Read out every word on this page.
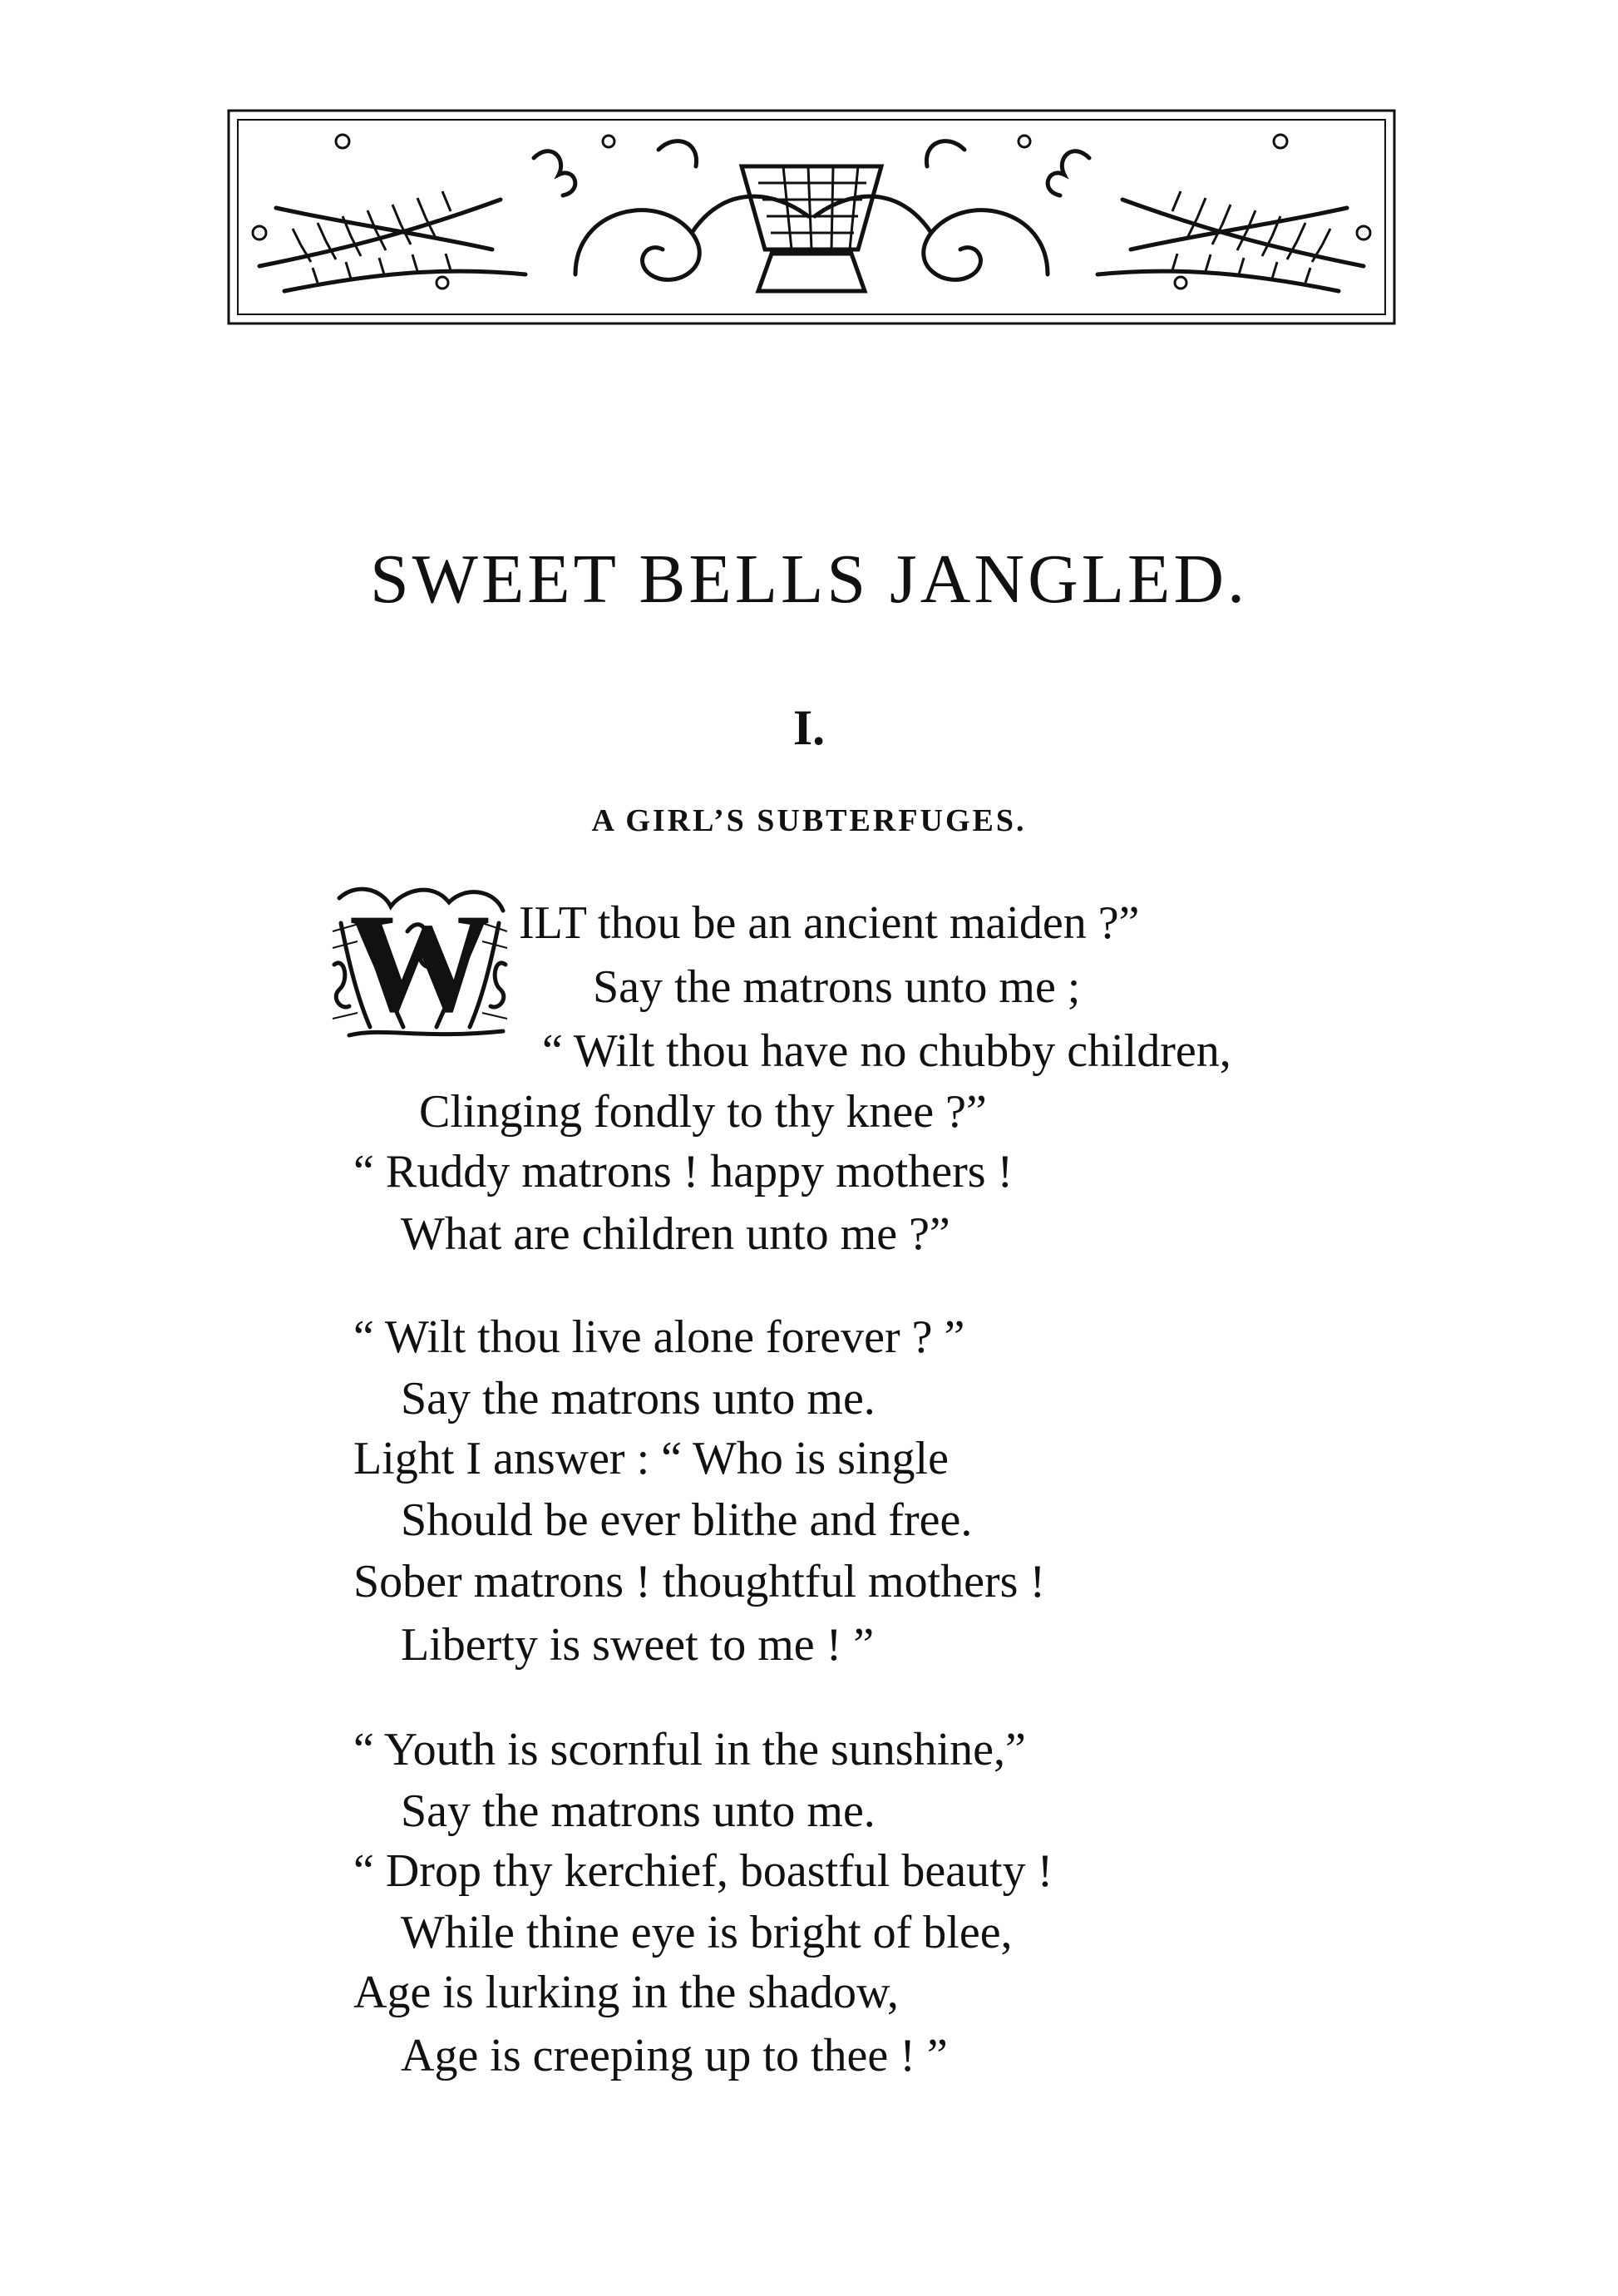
SWEET BELLS JANGLED.
I.
A GIRL’S SUBTERFUGES.
W ILT thou be an ancient maiden ?”
Say the matrons unto me ;
“ Wilt thou have no chubby children,
Clinging fondly to thy knee ?”
“ Ruddy matrons ! happy mothers !
What are children unto me ?”
“ Wilt thou live alone forever ? ”
Say the matrons unto me.
Light I answer : “ Who is single
Should be ever blithe and free.
Sober matrons ! thoughtful mothers !
Liberty is sweet to me ! ”
“ Youth is scornful in the sunshine,”
Say the matrons unto me.
“ Drop thy kerchief, boastful beauty !
While thine eye is bright of blee,
Age is lurking in the shadow,
Age is creeping up to thee ! ”
